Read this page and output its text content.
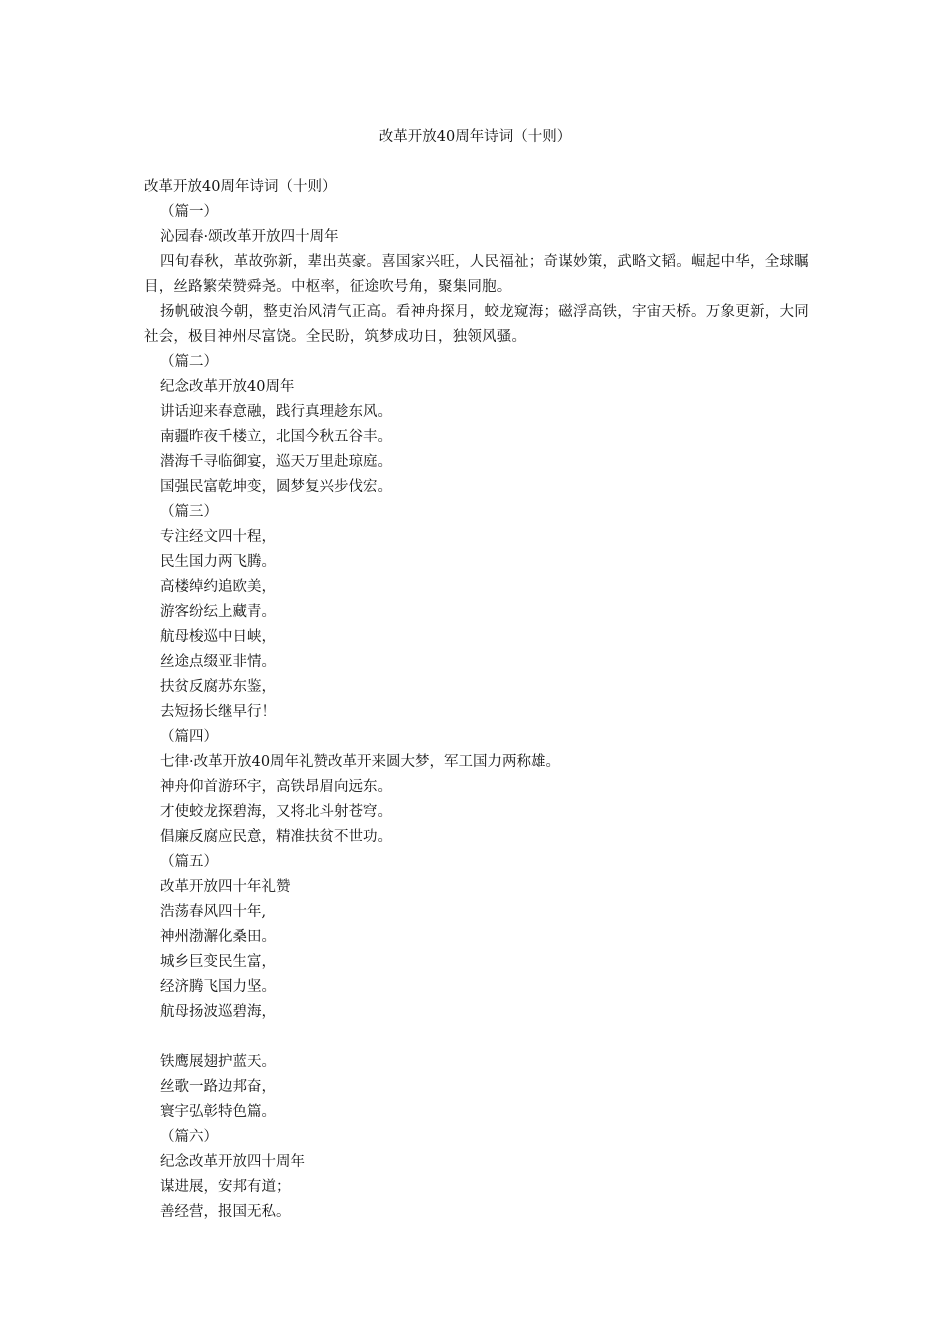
改革开放40周年诗词（十则）
改革开放40周年诗词（十则）
（篇一）
沁园春·颂改革开放四十周年
四旬春秋，革故弥新，辈出英豪。喜国家兴旺，人民福祉；奇谋妙策，武略文韬。崛起中华，全球瞩目，丝路繁荣赞舜尧。中枢率，征途吹号角，聚集同胞。
扬帆破浪今朝，整吏治风清气正高。看神舟探月，蛟龙窥海；磁浮高铁，宇宙天桥。万象更新，大同社会，极目神州尽富饶。全民盼，筑梦成功日，独领风骚。
（篇二）
纪念改革开放40周年
讲话迎来春意融，践行真理趁东风。
南疆昨夜千楼立，北国今秋五谷丰。
潜海千寻临御宴，巡天万里赴琼庭。
国强民富乾坤变，圆梦复兴步伐宏。
（篇三）
专注经文四十程，
民生国力两飞腾。
高楼绰约追欧美，
游客纷纭上藏青。
航母梭巡中日峡，
丝途点缀亚非情。
扶贫反腐苏东鉴，
去短扬长继早行！
（篇四）
七律·改革开放40周年礼赞改革开来圆大梦，军工国力两称雄。
神舟仰首游环宇，高铁昂眉向远东。
才使蛟龙探碧海，又将北斗射苍穹。
倡廉反腐应民意，精准扶贫不世功。
（篇五）
改革开放四十年礼赞
浩荡春风四十年,
神州渤澥化桑田。
城乡巨变民生富，
经济腾飞国力坚。
航母扬波巡碧海，
铁鹰展翅护蓝天。
丝歌一路边邦奋，
寰宇弘彰特色篇。
（篇六）
纪念改革开放四十周年
谋进展，安邦有道；
善经营，报国无私。
